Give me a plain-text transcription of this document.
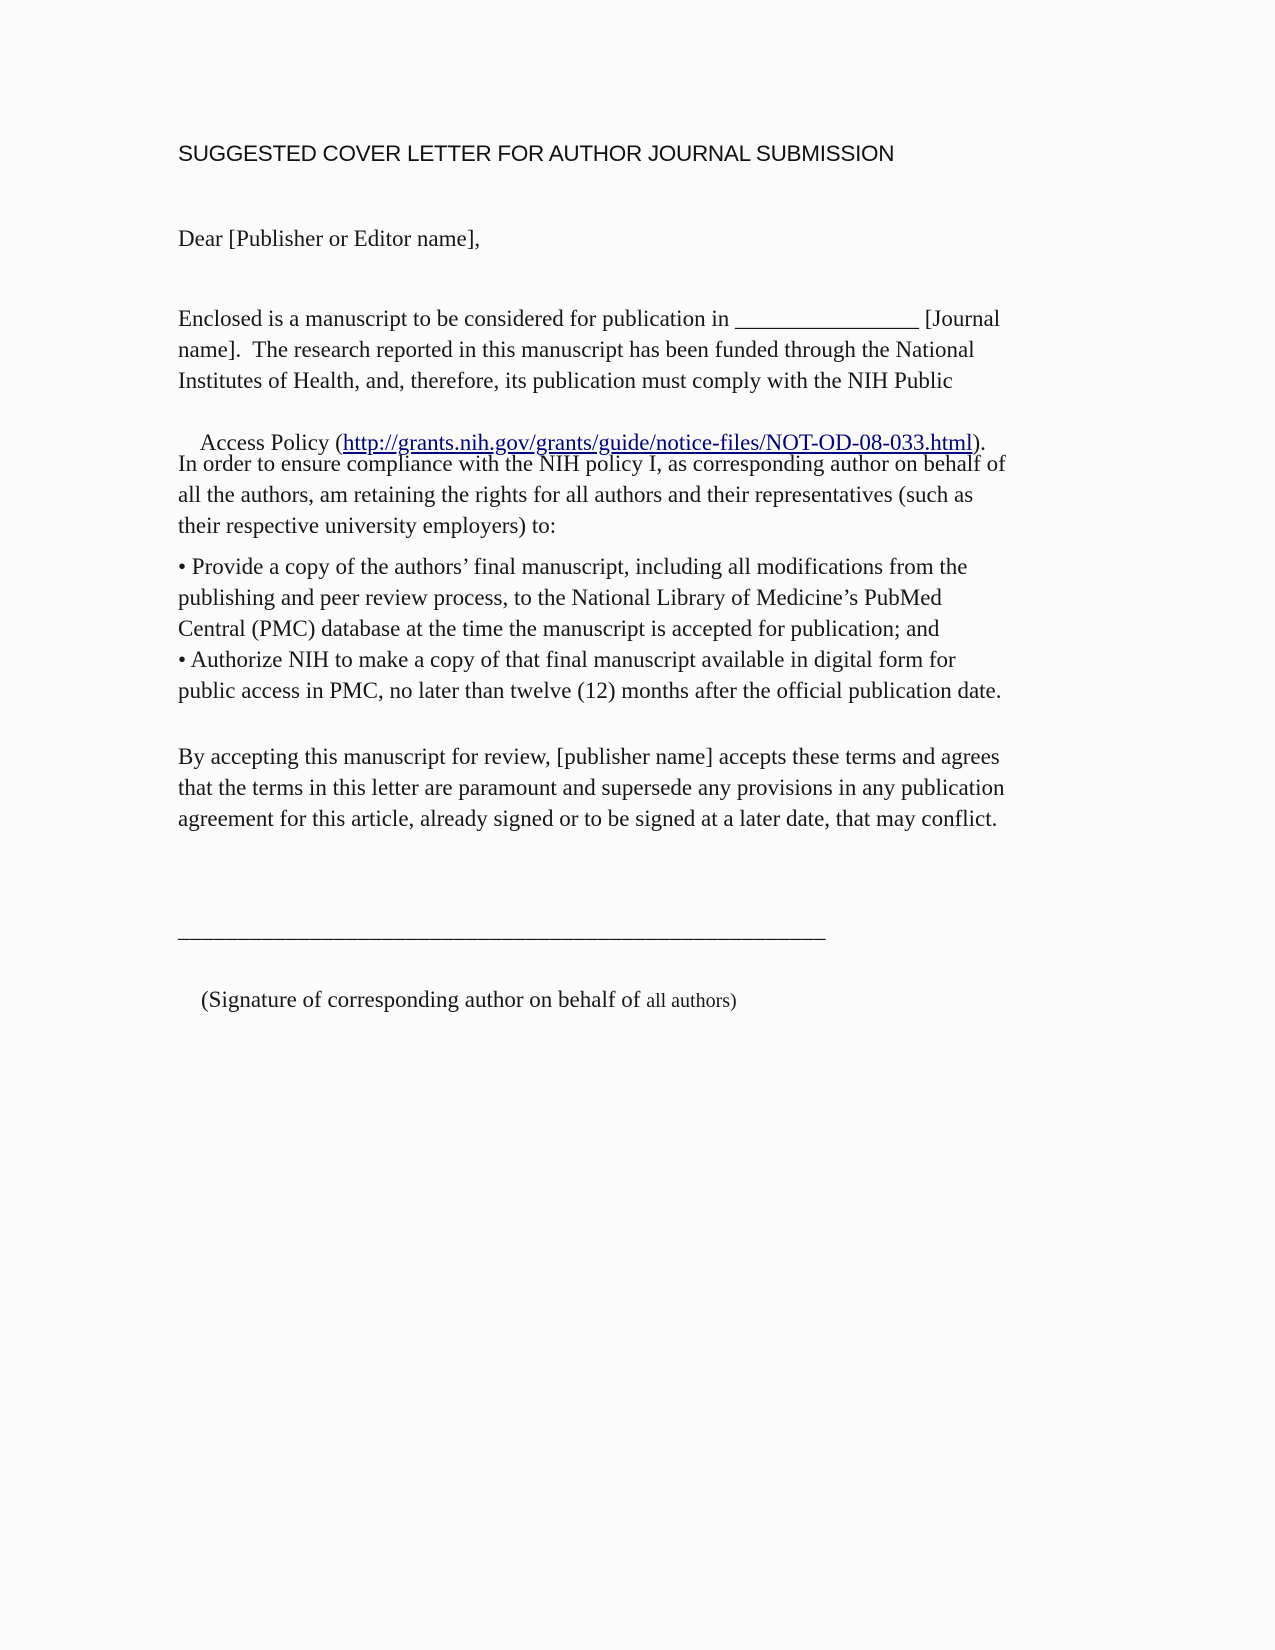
SUGGESTED COVER LETTER FOR AUTHOR JOURNAL SUBMISSION
Dear [Publisher or Editor name],
Enclosed is a manuscript to be considered for publication in ________________ [Journal
name].  The research reported in this manuscript has been funded through the National
Institutes of Health, and, therefore, its publication must comply with the NIH Public

Access Policy (http://grants.nih.gov/grants/guide/notice-files/NOT-OD-08-033.html).

In order to ensure compliance with the NIH policy I, as corresponding author on behalf of
all the authors, am retaining the rights for all authors and their representatives (such as
their respective university employers) to:
• Provide a copy of the authors’ final manuscript, including all modifications from the
publishing and peer review process, to the National Library of Medicine’s PubMed
Central (PMC) database at the time the manuscript is accepted for publication; and
• Authorize NIH to make a copy of that final manuscript available in digital form for
public access in PMC, no later than twelve (12) months after the official publication date.
By accepting this manuscript for review, [publisher name] accepts these terms and agrees
that the terms in this letter are paramount and supersede any provisions in any publication
agreement for this article, already signed or to be signed at a later date, that may conflict.
______________________________________________________

(Signature of corresponding author on behalf of all authors)
